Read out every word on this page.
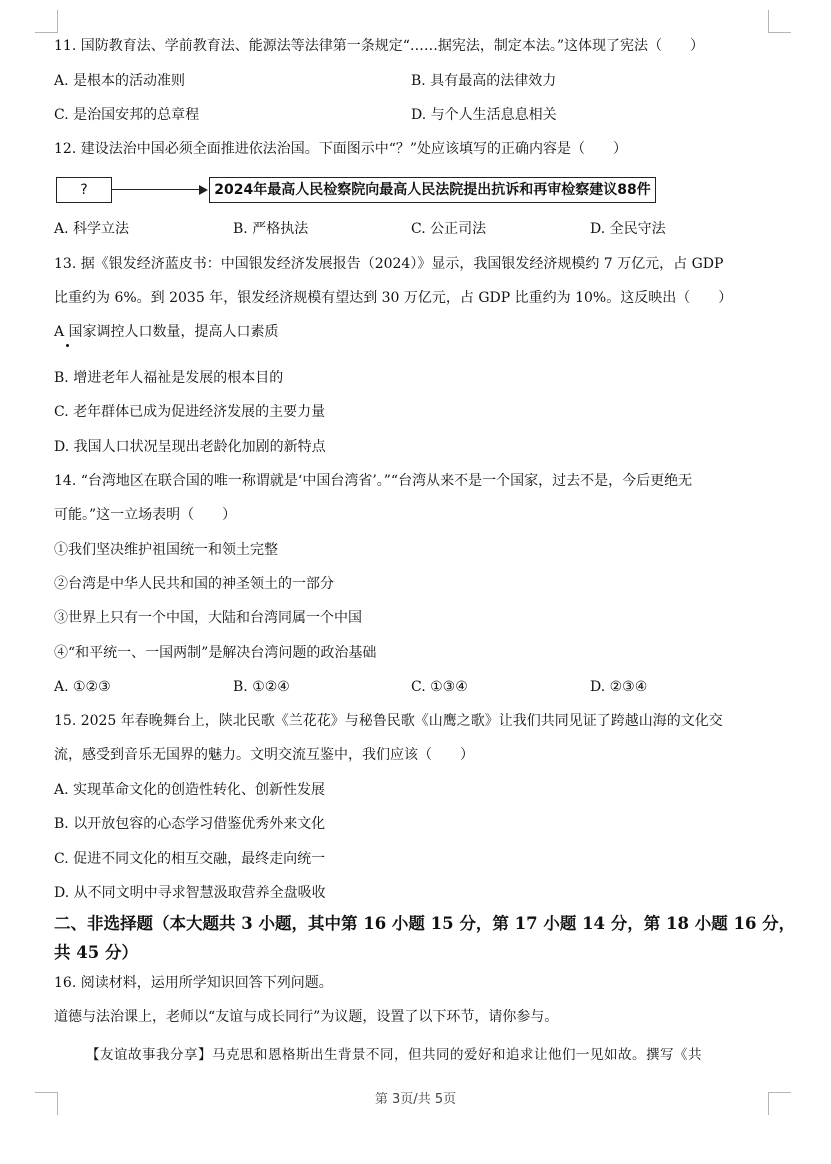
11. 国防教育法、学前教育法、能源法等法律第一条规定“……据宪法，制定本法。”这体现了宪法（　　）
A. 是根本的活动准则	B. 具有最高的法律效力
C. 是治国安邦的总章程	D. 与个人生活息息相关
12. 建设法治中国必须全面推进依法治国。下面图示中“？”处应该填写的正确内容是（　　）
?	2024年最高人民检察院向最高人民法院提出抗诉和再审检察建议88件
A. 科学立法	B. 严格执法	C. 公正司法	D. 全民守法
13. 据《银发经济蓝皮书：中国银发经济发展报告（2024）》显示，我国银发经济规模约 7 万亿元，占 GDP
比重约为 6%。到 2035 年，银发经济规模有望达到 30 万亿元，占 GDP 比重约为 10%。这反映出（　　）
A 国家调控人口数量，提高人口素质
B. 增进老年人福祉是发展的根本目的
C. 老年群体已成为促进经济发展的主要力量
D. 我国人口状况呈现出老龄化加剧的新特点
14. “台湾地区在联合国的唯一称谓就是‘中国台湾省’。”“台湾从来不是一个国家，过去不是，今后更绝无
可能。”这一立场表明（　　）
①我们坚决维护祖国统一和领土完整
②台湾是中华人民共和国的神圣领土的一部分
③世界上只有一个中国，大陆和台湾同属一个中国
④“和平统一、一国两制”是解决台湾问题的政治基础
A. ①②③	B. ①②④	C. ①③④	D. ②③④
15. 2025 年春晚舞台上，陕北民歌《兰花花》与秘鲁民歌《山鹰之歌》让我们共同见证了跨越山海的文化交
流，感受到音乐无国界的魅力。文明交流互鉴中，我们应该（　　）
A. 实现革命文化的创造性转化、创新性发展
B. 以开放包容的心态学习借鉴优秀外来文化
C. 促进不同文化的相互交融，最终走向统一
D. 从不同文明中寻求智慧汲取营养全盘吸收
二、非选择题（本大题共 3 小题，其中第 16 小题 15 分，第 17 小题 14 分，第 18 小题 16 分，
共 45 分）
16. 阅读材料，运用所学知识回答下列问题。
道德与法治课上，老师以“友谊与成长同行”为议题，设置了以下环节，请你参与。
【友谊故事我分享】马克思和恩格斯出生背景不同，但共同的爱好和追求让他们一见如故。撰写《共
第 3页/共 5页
